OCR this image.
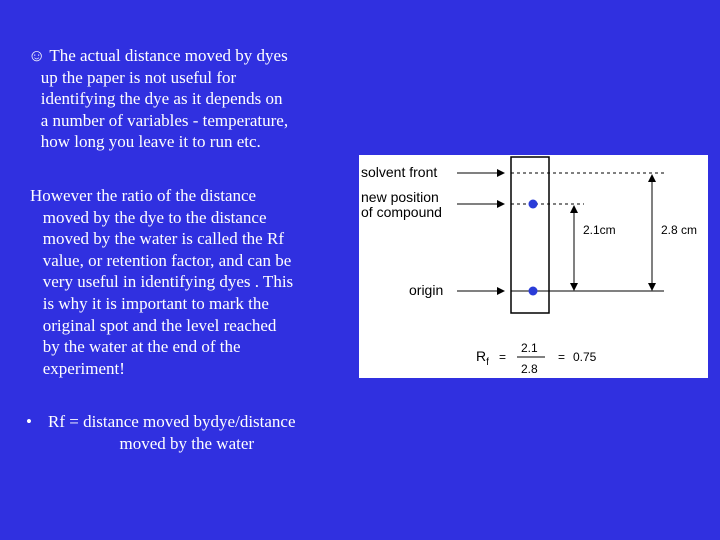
☺ The actual distance moved by dyes
up the paper is not useful for
identifying the dye as it depends on
a number of variables - temperature,
how long you leave it to run etc.
However the ratio of the distance
moved by the dye to the distance
moved by the water is called the Rf
value, or retention factor, and can be
very useful in identifying dyes . This
is why it is important to mark the
original spot and the level reached
by the water at the end of the
experiment!
• Rf = distance moved bydye/distance
moved by the water
solvent front
new position
of compound
origin
2.1cm	2.8 cm
$R_f$ =
2.1
2.8
= 0.75
